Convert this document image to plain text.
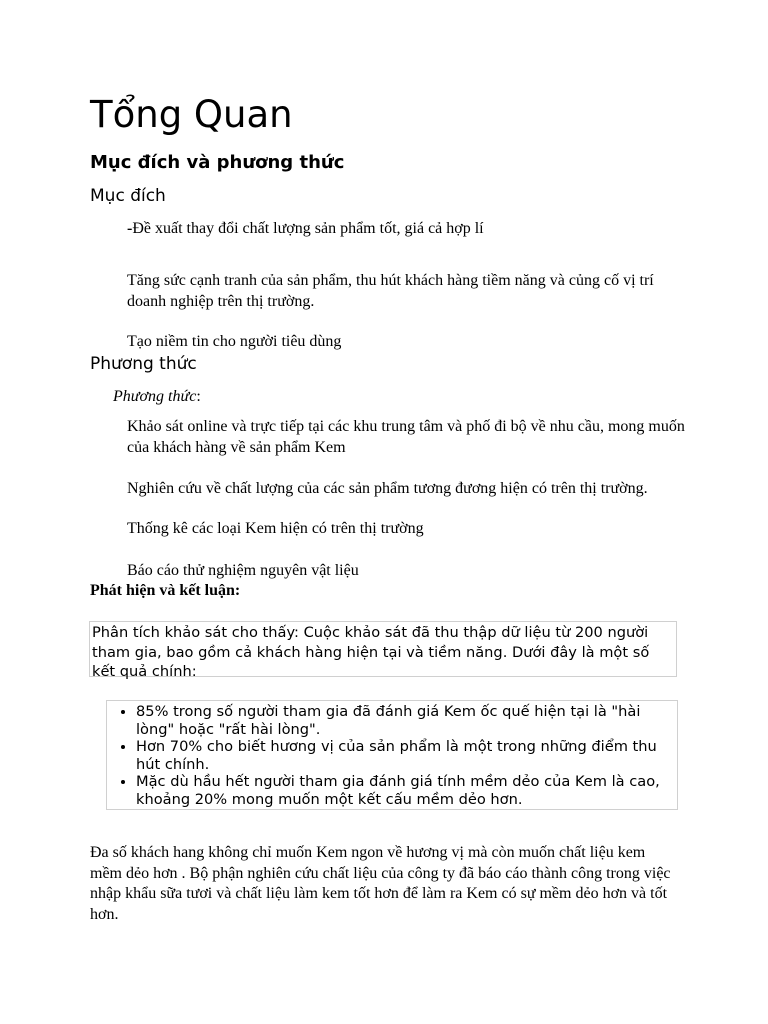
Tổng Quan
Mục đích và phương thức
Mục đích
-Đề xuất thay đổi chất lượng sản phẩm tốt, giá cả hợp lí
Tăng sức cạnh tranh của sản phẩm, thu hút khách hàng tiềm năng và củng cố vị trí doanh nghiệp trên thị trường.
Tạo niềm tin cho người tiêu dùng
Phương thức
Phương thức:
Khảo sát online và trực tiếp tại các khu trung tâm và phố đi bộ về nhu cầu, mong muốn của khách hàng về sản phẩm Kem
Nghiên cứu về chất lượng của các sản phẩm tương đương hiện có trên thị trường.
Thống kê các loại Kem hiện có trên thị trường
Báo cáo thử nghiệm nguyên vật liệu
Phát hiện và kết luận:
Phân tích khảo sát cho thấy: Cuộc khảo sát đã thu thập dữ liệu từ 200 người tham gia, bao gồm cả khách hàng hiện tại và tiềm năng. Dưới đây là một số kết quả chính:
• 85% trong số người tham gia đã đánh giá Kem ốc quế hiện tại là "hài lòng" hoặc "rất hài lòng".
• Hơn 70% cho biết hương vị của sản phẩm là một trong những điểm thu hút chính.
• Mặc dù hầu hết người tham gia đánh giá tính mềm dẻo của Kem là cao, khoảng 20% mong muốn một kết cấu mềm dẻo hơn.
Đa số khách hang không chỉ muốn Kem ngon về hương vị mà còn muốn chất liệu kem mềm dẻo hơn . Bộ phận nghiên cứu chất liệu của công ty đã báo cáo thành công trong việc nhập khẩu sữa tươi và chất liệu làm kem tốt hơn để làm ra Kem có sự mềm dẻo hơn và tốt hơn.
